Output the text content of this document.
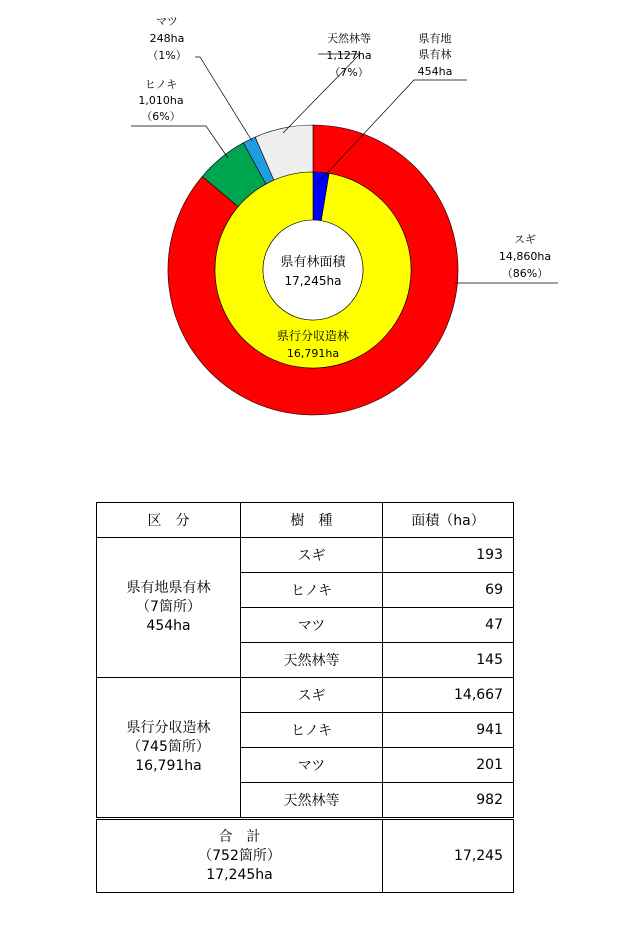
マツ
248ha
（1%）
ヒノキ
1,010ha
（6%）
天然林等
1,127ha
（7%）
県有地
県有林
454ha
スギ
14,860ha
（86%）
県有林面積
17,245ha
県行分収造林
16,791ha
区　分	樹　種	面積（ha）

県有地県有林
（7箇所）
454ha	スギ	193
	ヒノキ	69
	マツ	47
	天然林等	145

県行分収造林
（745箇所）
16,791ha	スギ	14,667
	ヒノキ	941
	マツ	201
	天然林等	982

合　計
（752箇所）
17,245ha		17,245
